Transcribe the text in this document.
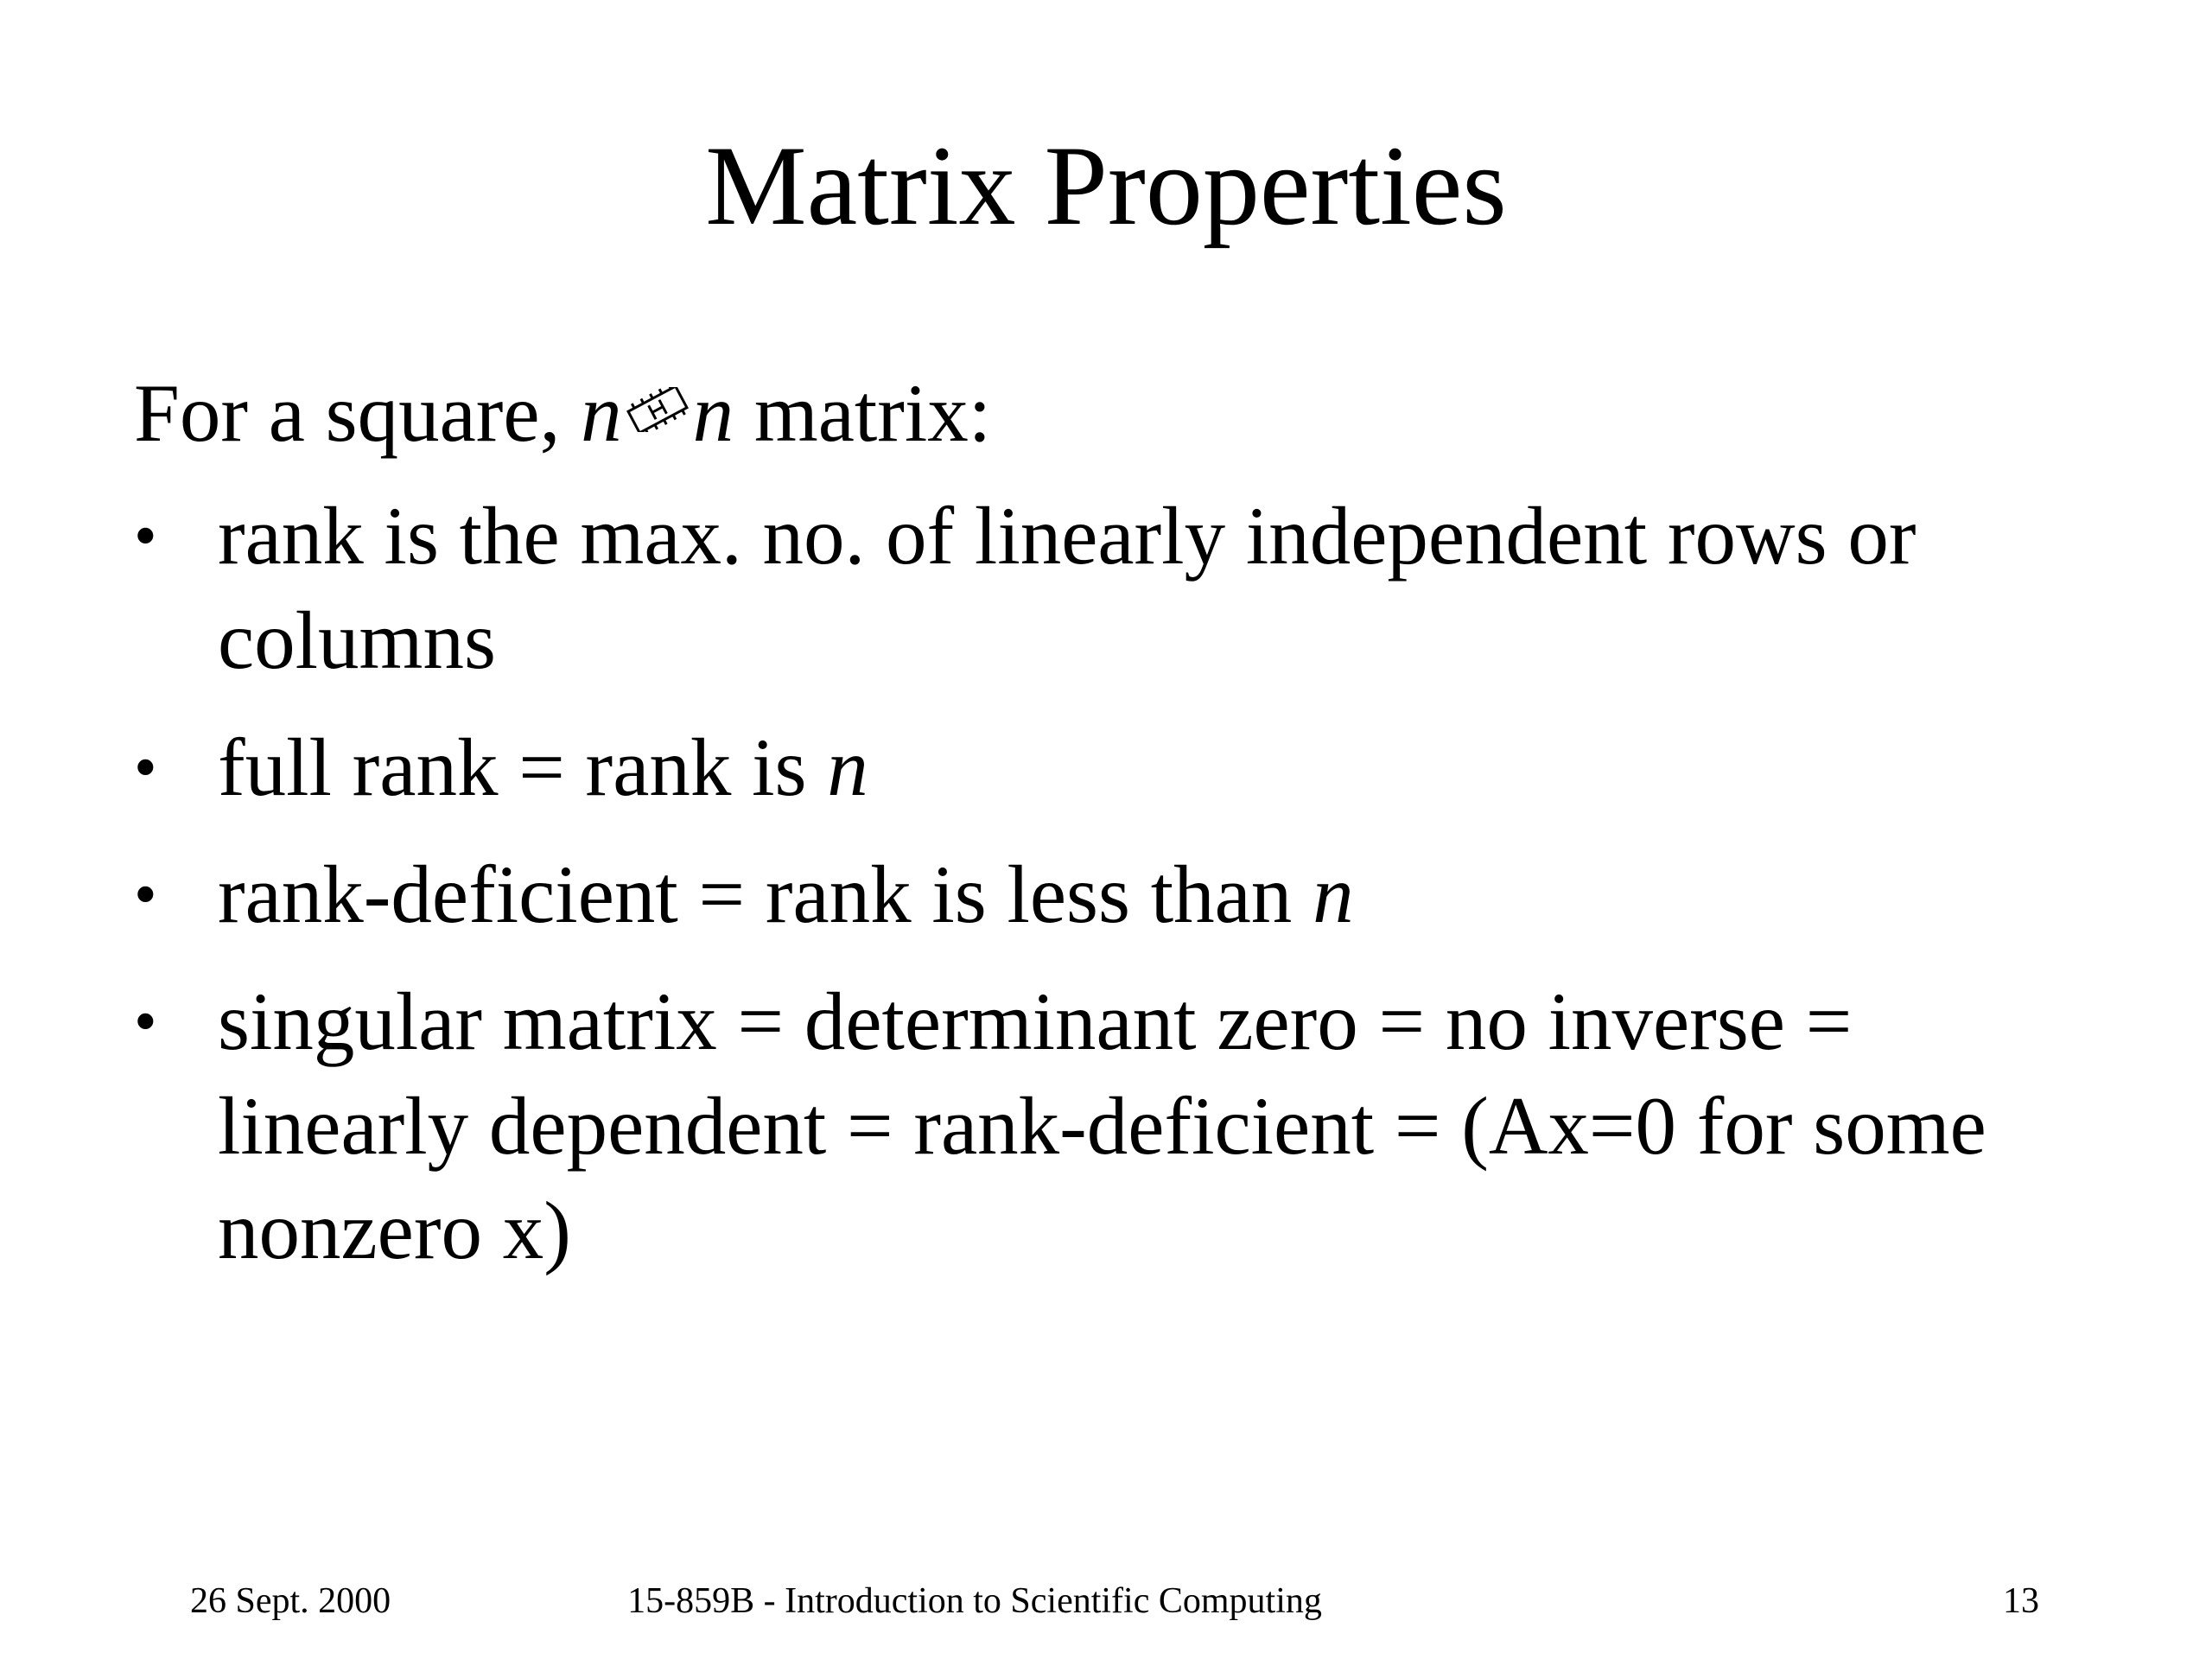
Matrix Properties
For a square, n n matrix:
• rank is the max. no. of linearly independent rows or columns
• full rank = rank is n
• rank-deficient = rank is less than n
• singular matrix = determinant zero = no inverse = linearly dependent = rank-deficient = (Ax=0 for some nonzero x)
26 Sept. 2000	15-859B - Introduction to Scientific Computing	13
